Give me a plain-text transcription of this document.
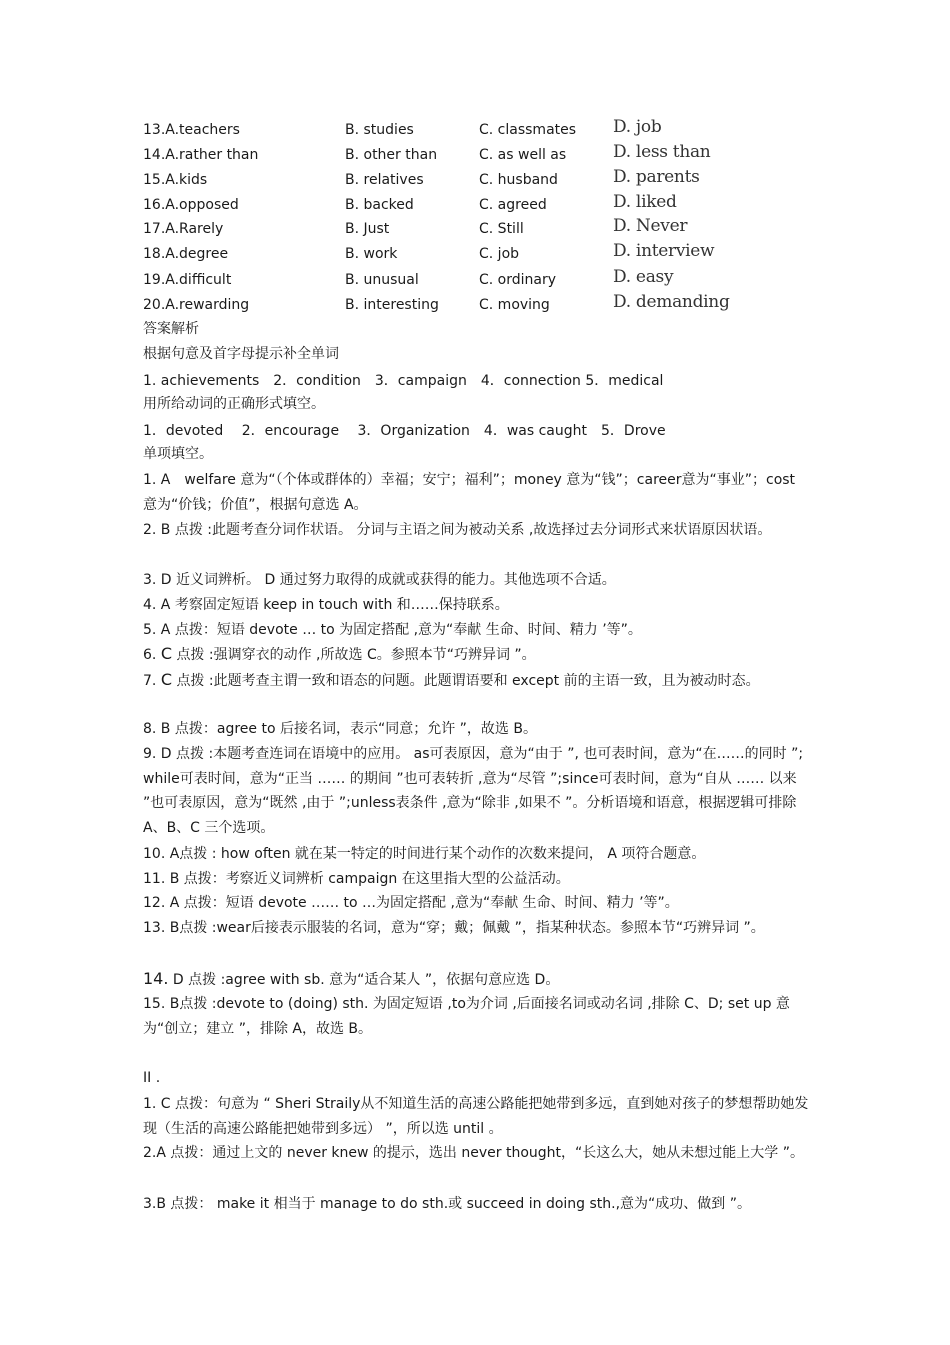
13.A.teachers	B. studies	C. classmates D. job
14.A.rather than	B. other than	C. as well as	D. less than
15.A.kids	B. relatives	C. husband	D. parents
16.A.opposed	B. backed	C. agreed	D. liked
17.A.Rarely	B. Just	C. Still	D. Never
18.A.degree	B. work	C. job	D. interview
19.A.difficult	B. unusual	C. ordinary	D. easy
20.A.rewarding	B. interesting	C. moving	D. demanding
答案解析
根据句意及首字母提示补全单词
1. achievements　2．condition　3．campaign　4．connection 5．medical
用所给动词的正确形式填空。
1．devoted　 2．encourage　 3．Organization　4．was caught　5．Drove
单项填空。
1. A　welfare 意为“（个体或群体的）幸福；安宁；福利”；money 意为“钱”；career意为“事业”；cost 意为“价钱；价值”，根据句意选 A。
2. B 点拨 :此题考查分词作状语。 分词与主语之间为被动关系 ,故选择过去分词形式来状语原因状语。
3. D 近义词辨析。 D 通过努力取得的成就或获得的能力。其他选项不合适。
4. A 考察固定短语 keep in touch with 和……保持联系。
5. A 点拨：短语 devote … to 为固定搭配 ,意为“奉献 生命、时间、精力 ’等”。
6. C 点拨 :强调穿衣的动作 ,所故选 C。参照本节“巧辨异词 ”。
7. C 点拨 :此题考查主谓一致和语态的问题。此题谓语要和 except 前的主语一致，且为被动时态。
8. B 点拨：agree to 后接名词，表示“同意；允许 ”，故选 B。
9. D 点拨 :本题考查连词在语境中的应用。 as可表原因，意为“由于 ”, 也可表时间，意为“在……的同时 ”;while可表时间，意为“正当 …… 的期间 ”也可表转折 ,意为“尽管 ”;since可表时间，意为“自从 …… 以来 ”也可表原因，意为“既然 ,由于 ”;unless表条件 ,意为“除非 ,如果不 ”。分析语境和语意，根据逻辑可排除 A、B、C 三个选项。
10. A点拨 : how often 就在某一特定的时间进行某个动作的次数来提问， A 项符合题意。
11. B 点拨：考察近义词辨析 campaign 在这里指大型的公益活动。
12. A 点拨：短语 devote …… to …为固定搭配 ,意为“奉献 生命、时间、精力 ’等”。
13. B点拨 :wear后接表示服装的名词，意为“穿；戴；佩戴 ”，指某种状态。参照本节“巧辨异词 ”。
14. D 点拨 :agree with sb. 意为“适合某人 ”，依据句意应选 D。
15. B点拨 :devote to (doing) sth. 为固定短语 ,to为介词 ,后面接名词或动名词 ,排除 C、D; set up 意为“创立；建立 ”，排除 A，故选 B。
II .
1. C 点拨：句意为 “ Sheri Straily从不知道生活的高速公路能把她带到多远，直到她对孩子的梦想帮助她发现（生活的高速公路能把她带到多远） ”，所以选 until 。
2.A 点拨：通过上文的 never knew 的提示，选出 never thought，“长这么大，她从未想过能上大学 ”。
3.B 点拨： make it 相当于 manage to do sth.或 succeed in doing sth.,意为“成功、做到 ”。
